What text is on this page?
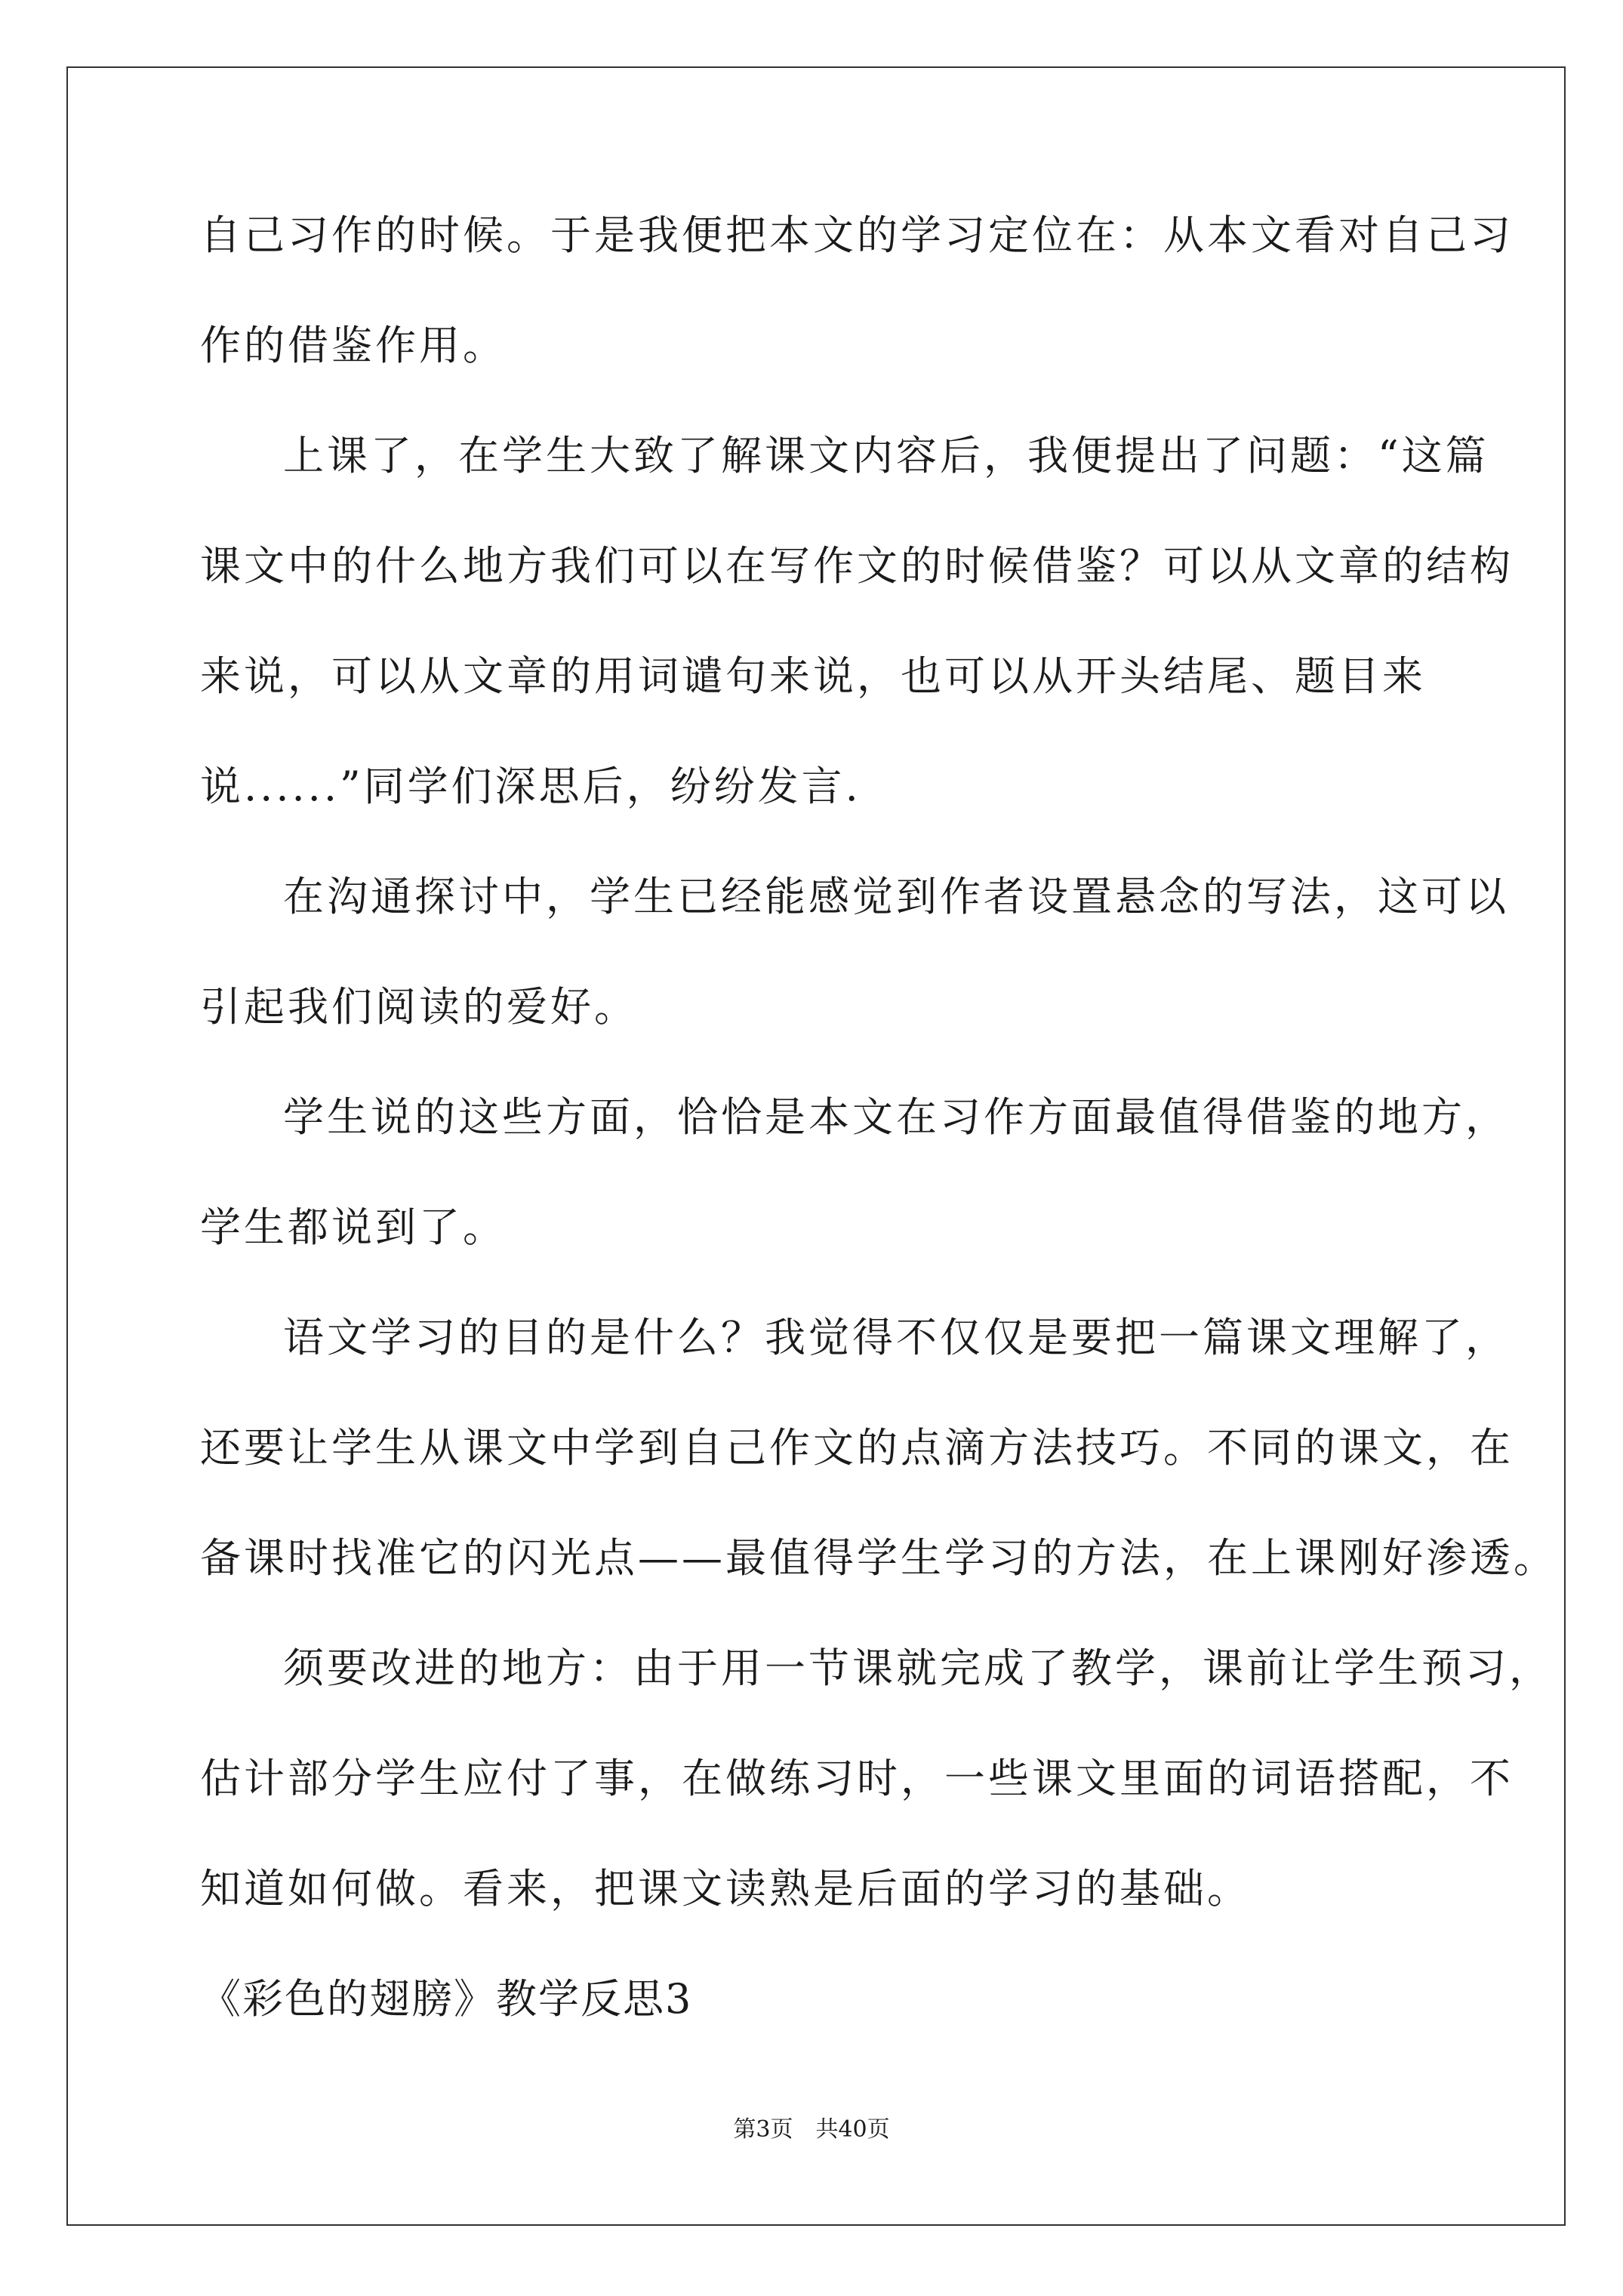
自己习作的时候。于是我便把本文的学习定位在：从本文看对自己习
作的借鉴作用。
上课了，在学生大致了解课文内容后，我便提出了问题：“这篇
课文中的什么地方我们可以在写作文的时候借鉴？可以从文章的结构
来说，可以从文章的用词谴句来说，也可以从开头结尾、题目来
说......”同学们深思后，纷纷发言.
在沟通探讨中，学生已经能感觉到作者设置悬念的写法，这可以
引起我们阅读的爱好。
学生说的这些方面，恰恰是本文在习作方面最值得借鉴的地方，
学生都说到了。
语文学习的目的是什么？我觉得不仅仅是要把一篇课文理解了，
还要让学生从课文中学到自己作文的点滴方法技巧。不同的课文，在
备课时找准它的闪光点——最值得学生学习的方法，在上课刚好渗透。
须要改进的地方：由于用一节课就完成了教学，课前让学生预习，
估计部分学生应付了事，在做练习时，一些课文里面的词语搭配，不
知道如何做。看来，把课文读熟是后面的学习的基础。
《彩色的翅膀》教学反思3
第3页　共40页
